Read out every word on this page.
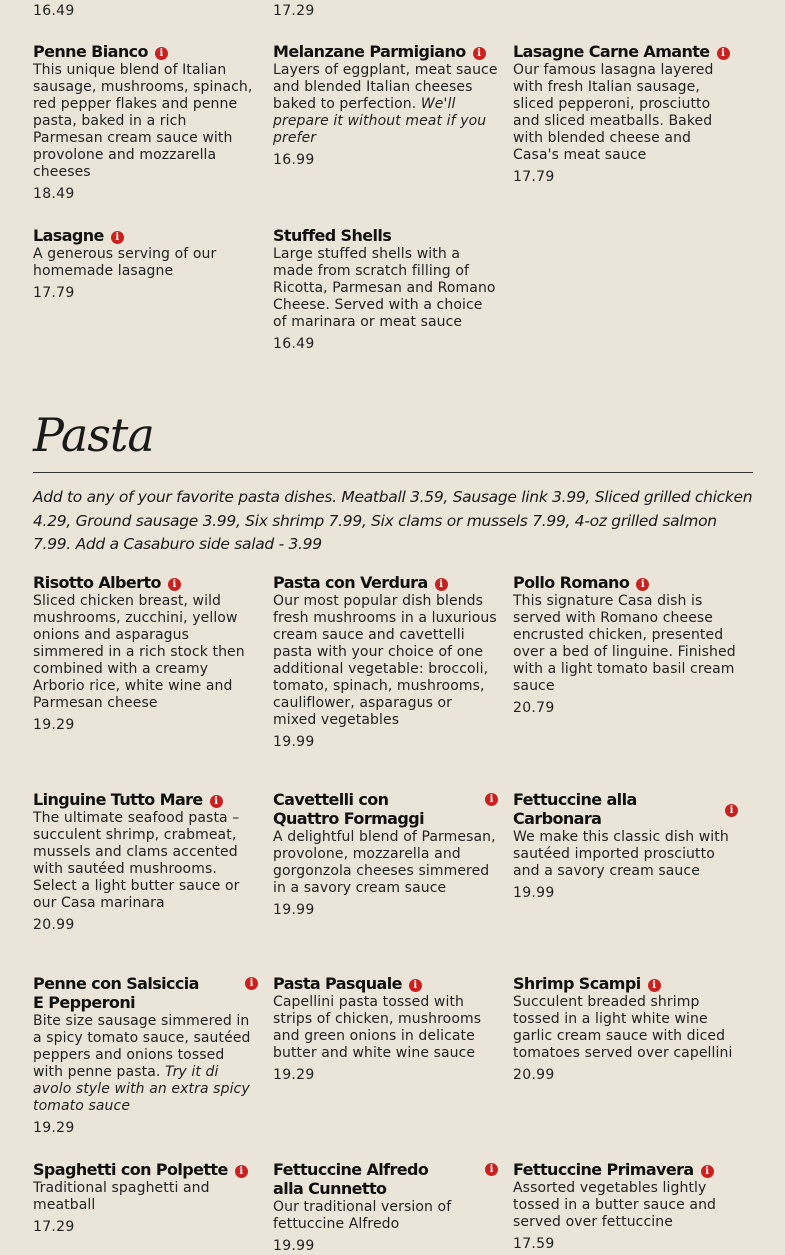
16.49	17.29
Penne Bianco	i
This unique blend of Italian sausage, mushrooms, spinach, red pepper flakes and penne pasta, baked in a rich Parmesan cream sauce with provolone and mozzarella cheeses
18.49
Melanzane Parmigiano	i
Layers of eggplant, meat sauce and blended Italian cheeses baked to perfection. We'll prepare it without meat if you prefer
16.99
Lasagne Carne Amante	i
Our famous lasagna layered with fresh Italian sausage, sliced pepperoni, prosciutto and sliced meatballs. Baked with blended cheese and Casa's meat sauce
17.79
Lasagne	i
A generous serving of our homemade lasagne
17.79
Stuffed Shells
Large stuffed shells with a made from scratch filling of Ricotta, Parmesan and Romano Cheese. Served with a choice of marinara or meat sauce
16.49
Pasta
Add to any of your favorite pasta dishes. Meatball 3.59, Sausage link 3.99, Sliced grilled chicken 4.29, Ground sausage 3.99, Six shrimp 7.99, Six clams or mussels 7.99, 4-oz grilled salmon 7.99. Add a Casaburo side salad - 3.99
Risotto Alberto	i
Sliced chicken breast, wild mushrooms, zucchini, yellow onions and asparagus simmered in a rich stock then combined with a creamy Arborio rice, white wine and Parmesan cheese
19.29
Pasta con Verdura	i
Our most popular dish blends fresh mushrooms in a luxurious cream sauce and cavettelli pasta with your choice of one additional vegetable: broccoli, tomato, spinach, mushrooms, cauliflower, asparagus or mixed vegetables
19.99
Pollo Romano	i
This signature Casa dish is served with Romano cheese encrusted chicken, presented over a bed of linguine. Finished with a light tomato basil cream sauce
20.79
Linguine Tutto Mare	i
The ultimate seafood pasta – succulent shrimp, crabmeat, mussels and clams accented with sautéed mushrooms. Select a light butter sauce or our Casa marinara
20.99
Cavettelli con Quattro Formaggi
i
A delightful blend of Parmesan, provolone, mozzarella and gorgonzola cheeses simmered in a savory cream sauce
19.99
Fettuccine alla Carbonara	i
We make this classic dish with sautéed imported prosciutto and a savory cream sauce
19.99
Penne con Salsiccia E Pepperoni
i
Bite size sausage simmered in a spicy tomato sauce, sautéed peppers and onions tossed with penne pasta. Try it di avolo style with an extra spicy tomato sauce
19.29
Pasta Pasquale	i
Capellini pasta tossed with strips of chicken, mushrooms and green onions in delicate butter and white wine sauce
19.29
Shrimp Scampi	i
Succulent breaded shrimp tossed in a light white wine garlic cream sauce with diced tomatoes served over capellini
20.99
Spaghetti con Polpette	i
Traditional spaghetti and meatball
17.29
Fettuccine Alfredo alla Cunnetto
i
Our traditional version of fettuccine Alfredo
19.99
Fettuccine Primavera	i
Assorted vegetables lightly tossed in a butter sauce and served over fettuccine
17.59
